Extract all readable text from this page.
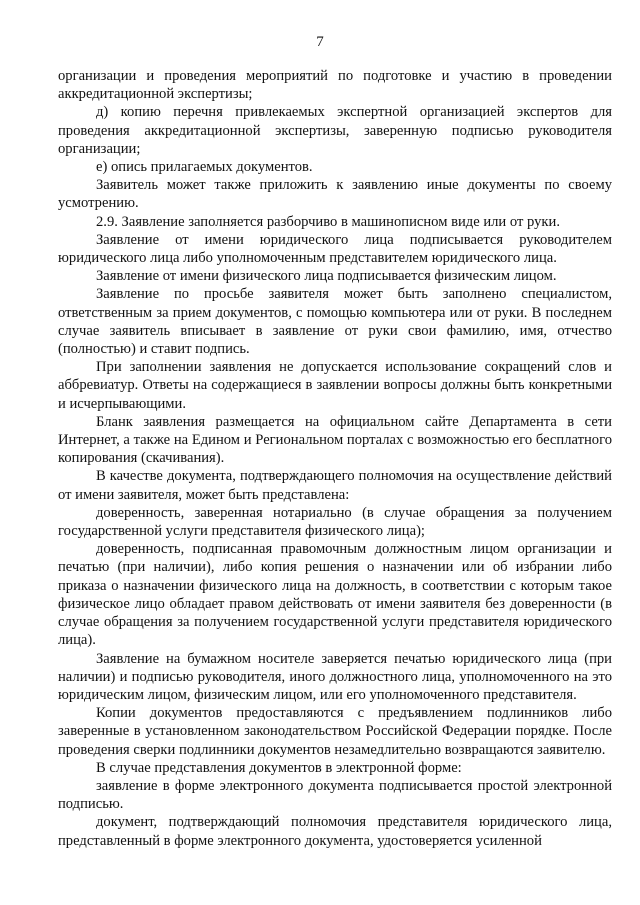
7

организации и проведения мероприятий по подготовке и участию в проведении аккредитационной экспертизы;

д) копию перечня привлекаемых экспертной организацией экспертов для проведения аккредитационной экспертизы, заверенную подписью руководителя организации;

е) опись прилагаемых документов.

Заявитель может также приложить к заявлению иные документы по своему усмотрению.

2.9. Заявление заполняется разборчиво в машинописном виде или от руки.

Заявление от имени юридического лица подписывается руководителем юридического лица либо уполномоченным представителем юридического лица.

Заявление от имени физического лица подписывается физическим лицом.

Заявление по просьбе заявителя может быть заполнено специалистом, ответственным за прием документов, с помощью компьютера или от руки. В последнем случае заявитель вписывает в заявление от руки свои фамилию, имя, отчество (полностью) и ставит подпись.

При заполнении заявления не допускается использование сокращений слов и аббревиатур. Ответы на содержащиеся в заявлении вопросы должны быть конкретными и исчерпывающими.

Бланк заявления размещается на официальном сайте Департамента в сети Интернет, а также на Едином и Региональном порталах с возможностью его бесплатного копирования (скачивания).

В качестве документа, подтверждающего полномочия на осуществление действий от имени заявителя, может быть представлена:

доверенность, заверенная нотариально (в случае обращения за получением государственной услуги представителя физического лица);

доверенность, подписанная правомочным должностным лицом организации и печатью (при наличии), либо копия решения о назначении или об избрании либо приказа о назначении физического лица на должность, в соответствии с которым такое физическое лицо обладает правом действовать от имени заявителя без доверенности (в случае обращения за получением государственной услуги представителя юридического лица).

Заявление на бумажном носителе заверяется печатью юридического лица (при наличии) и подписью руководителя, иного должностного лица, уполномоченного на это юридическим лицом, физическим лицом, или его уполномоченного представителя.

Копии документов предоставляются с предъявлением подлинников либо заверенные в установленном законодательством Российской Федерации порядке. После проведения сверки подлинники документов незамедлительно возвращаются заявителю.

В случае представления документов в электронной форме:

заявление в форме электронного документа подписывается простой электронной подписью.

документ, подтверждающий полномочия представителя юридического лица, представленный в форме электронного документа, удостоверяется усиленной
